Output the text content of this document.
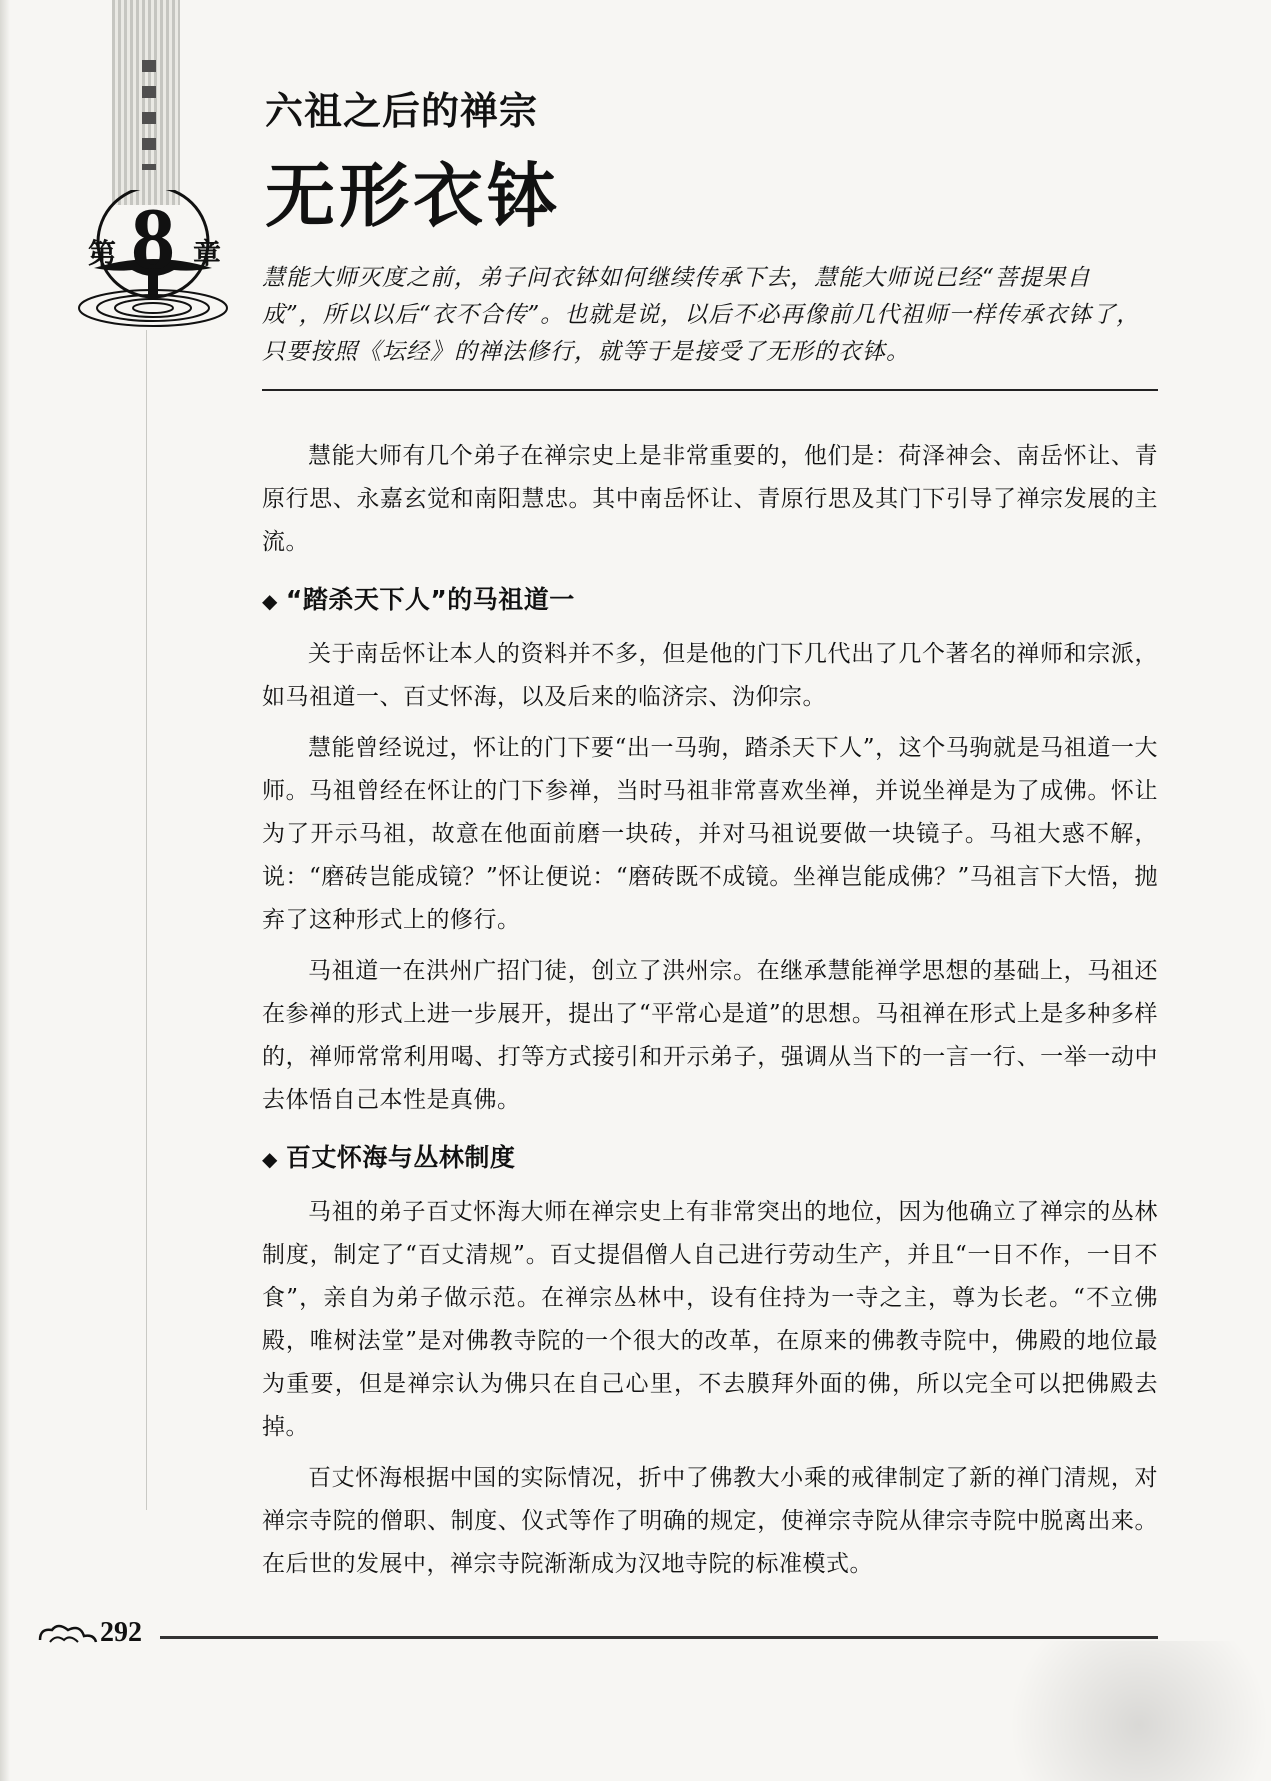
第 8 章
六祖之后的禅宗
无形衣钵

慧能大师灭度之前，弟子问衣钵如何继续传承下去，慧能大师说已经“菩提果自成”，所以以后“衣不合传”。也就是说，以后不必再像前几代祖师一样传承衣钵了，只要按照《坛经》的禅法修行，就等于是接受了无形的衣钵。

慧能大师有几个弟子在禅宗史上是非常重要的，他们是：荷泽神会、南岳怀让、青原行思、永嘉玄觉和南阳慧忠。其中南岳怀让、青原行思及其门下引导了禅宗发展的主流。

◆ “踏杀天下人”的马祖道一

关于南岳怀让本人的资料并不多，但是他的门下几代出了几个著名的禅师和宗派，如马祖道一、百丈怀海，以及后来的临济宗、沩仰宗。

慧能曾经说过，怀让的门下要“出一马驹，踏杀天下人”，这个马驹就是马祖道一大师。马祖曾经在怀让的门下参禅，当时马祖非常喜欢坐禅，并说坐禅是为了成佛。怀让为了开示马祖，故意在他面前磨一块砖，并对马祖说要做一块镜子。马祖大惑不解，说：“磨砖岂能成镜？”怀让便说：“磨砖既不成镜。坐禅岂能成佛？”马祖言下大悟，抛弃了这种形式上的修行。

马祖道一在洪州广招门徒，创立了洪州宗。在继承慧能禅学思想的基础上，马祖还在参禅的形式上进一步展开，提出了“平常心是道”的思想。马祖禅在形式上是多种多样的，禅师常常利用喝、打等方式接引和开示弟子，强调从当下的一言一行、一举一动中去体悟自己本性是真佛。

◆ 百丈怀海与丛林制度

马祖的弟子百丈怀海大师在禅宗史上有非常突出的地位，因为他确立了禅宗的丛林制度，制定了“百丈清规”。百丈提倡僧人自己进行劳动生产，并且“一日不作，一日不食”，亲自为弟子做示范。在禅宗丛林中，设有住持为一寺之主，尊为长老。“不立佛殿，唯树法堂”是对佛教寺院的一个很大的改革，在原来的佛教寺院中，佛殿的地位最为重要，但是禅宗认为佛只在自己心里，不去膜拜外面的佛，所以完全可以把佛殿去掉。

百丈怀海根据中国的实际情况，折中了佛教大小乘的戒律制定了新的禅门清规，对禅宗寺院的僧职、制度、仪式等作了明确的规定，使禅宗寺院从律宗寺院中脱离出来。在后世的发展中，禅宗寺院渐渐成为汉地寺院的标准模式。

292
